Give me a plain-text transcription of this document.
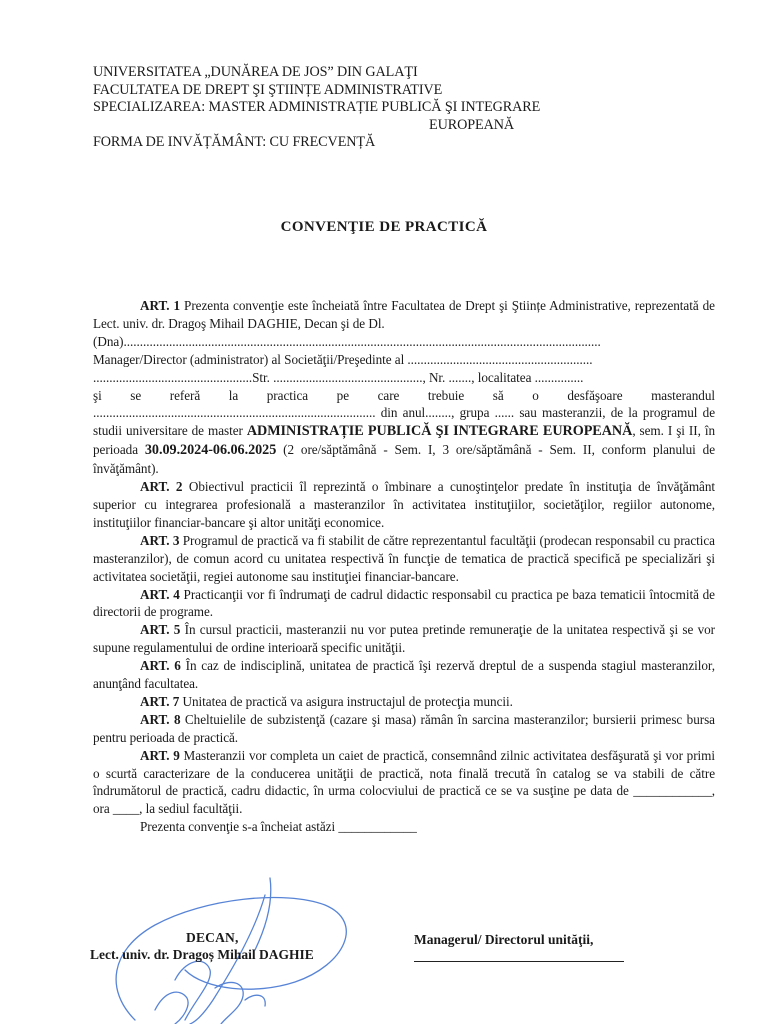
UNIVERSITATEA „DUNĂREA DE JOS” DIN GALAŢI
FACULTATEA DE DREPT ŞI ŞTIINȚE ADMINISTRATIVE
SPECIALIZAREA: MASTER ADMINISTRAȚIE PUBLICĂ ŞI INTEGRARE
EUROPEANĂ
FORMA DE INVĂȚĂMÂNT: CU FRECVENȚĂ
CONVENŢIE DE PRACTICĂ

ART. 1 Prezenta convenţie este încheiată între Facultatea de Drept şi Ştiințe Administrative, reprezentată de Lect. univ. dr. Dragoş Mihail DAGHIE, Decan şi de Dl.

(Dna)...................................................................................................................................................
Manager/Director (administrator) al Societăţii/Preşedinte al .........................................................
.................................................Str. .............................................., Nr. ......., localitatea ...............

şi se referă la practica pe care trebuie să o desfăşoare masterandul ....................................................................................... din anul........, grupa ...... sau masteranzii, de la programul de studii universitare de master ADMINISTRAȚIE PUBLICĂ ŞI INTEGRARE EUROPEANĂ, sem. I şi II, în perioada 30.09.2024-06.06.2025 (2 ore/săptămână - Sem. I, 3 ore/săptămână - Sem. II, conform planului de învăţământ).

ART. 2 Obiectivul practicii îl reprezintă o îmbinare a cunoştinţelor predate în instituţia de învăţământ superior cu integrarea profesională a masteranzilor în activitatea instituţiilor, societăţilor, regiilor autonome, instituţiilor financiar-bancare şi altor unităţi economice.

ART. 3 Programul de practică va fi stabilit de către reprezentantul facultăţii (prodecan responsabil cu practica masteranzilor), de comun acord cu unitatea respectivă în funcţie de tematica de practică specifică pe specializări şi activitatea societăţii, regiei autonome sau instituţiei financiar-bancare.

ART. 4 Practicanţii vor fi îndrumaţi de cadrul didactic responsabil cu practica pe baza tematicii întocmită de directorii de programe.

ART. 5 În cursul practicii, masteranzii nu vor putea pretinde remuneraţie de la unitatea respectivă şi se vor supune regulamentului de ordine interioară specific unităţii.

ART. 6 În caz de indisciplină, unitatea de practică îşi rezervă dreptul de a suspenda stagiul masteranzilor, anunţând facultatea.

ART. 7 Unitatea de practică va asigura instructajul de protecţia muncii.

ART. 8 Cheltuielile de subzistenţă (cazare şi masa) rămân în sarcina masteranzilor; bursierii primesc bursa pentru perioada de practică.

ART. 9 Masteranzii vor completa un caiet de practică, consemnând zilnic activitatea desfăşurată şi vor primi o scurtă caracterizare de la conducerea unităţii de practică, nota finală trecută în catalog se va stabili de către îndrumătorul de practică, cadru didactic, în urma colocviului de practică ce se va susţine pe data de ____________, ora ____, la sediul facultăţii.

Prezenta convenţie s-a încheiat astăzi ____________

DECAN,
Lect. univ. dr. Dragoș Mihail DAGHIE
Managerul/ Directorul unităţii,
